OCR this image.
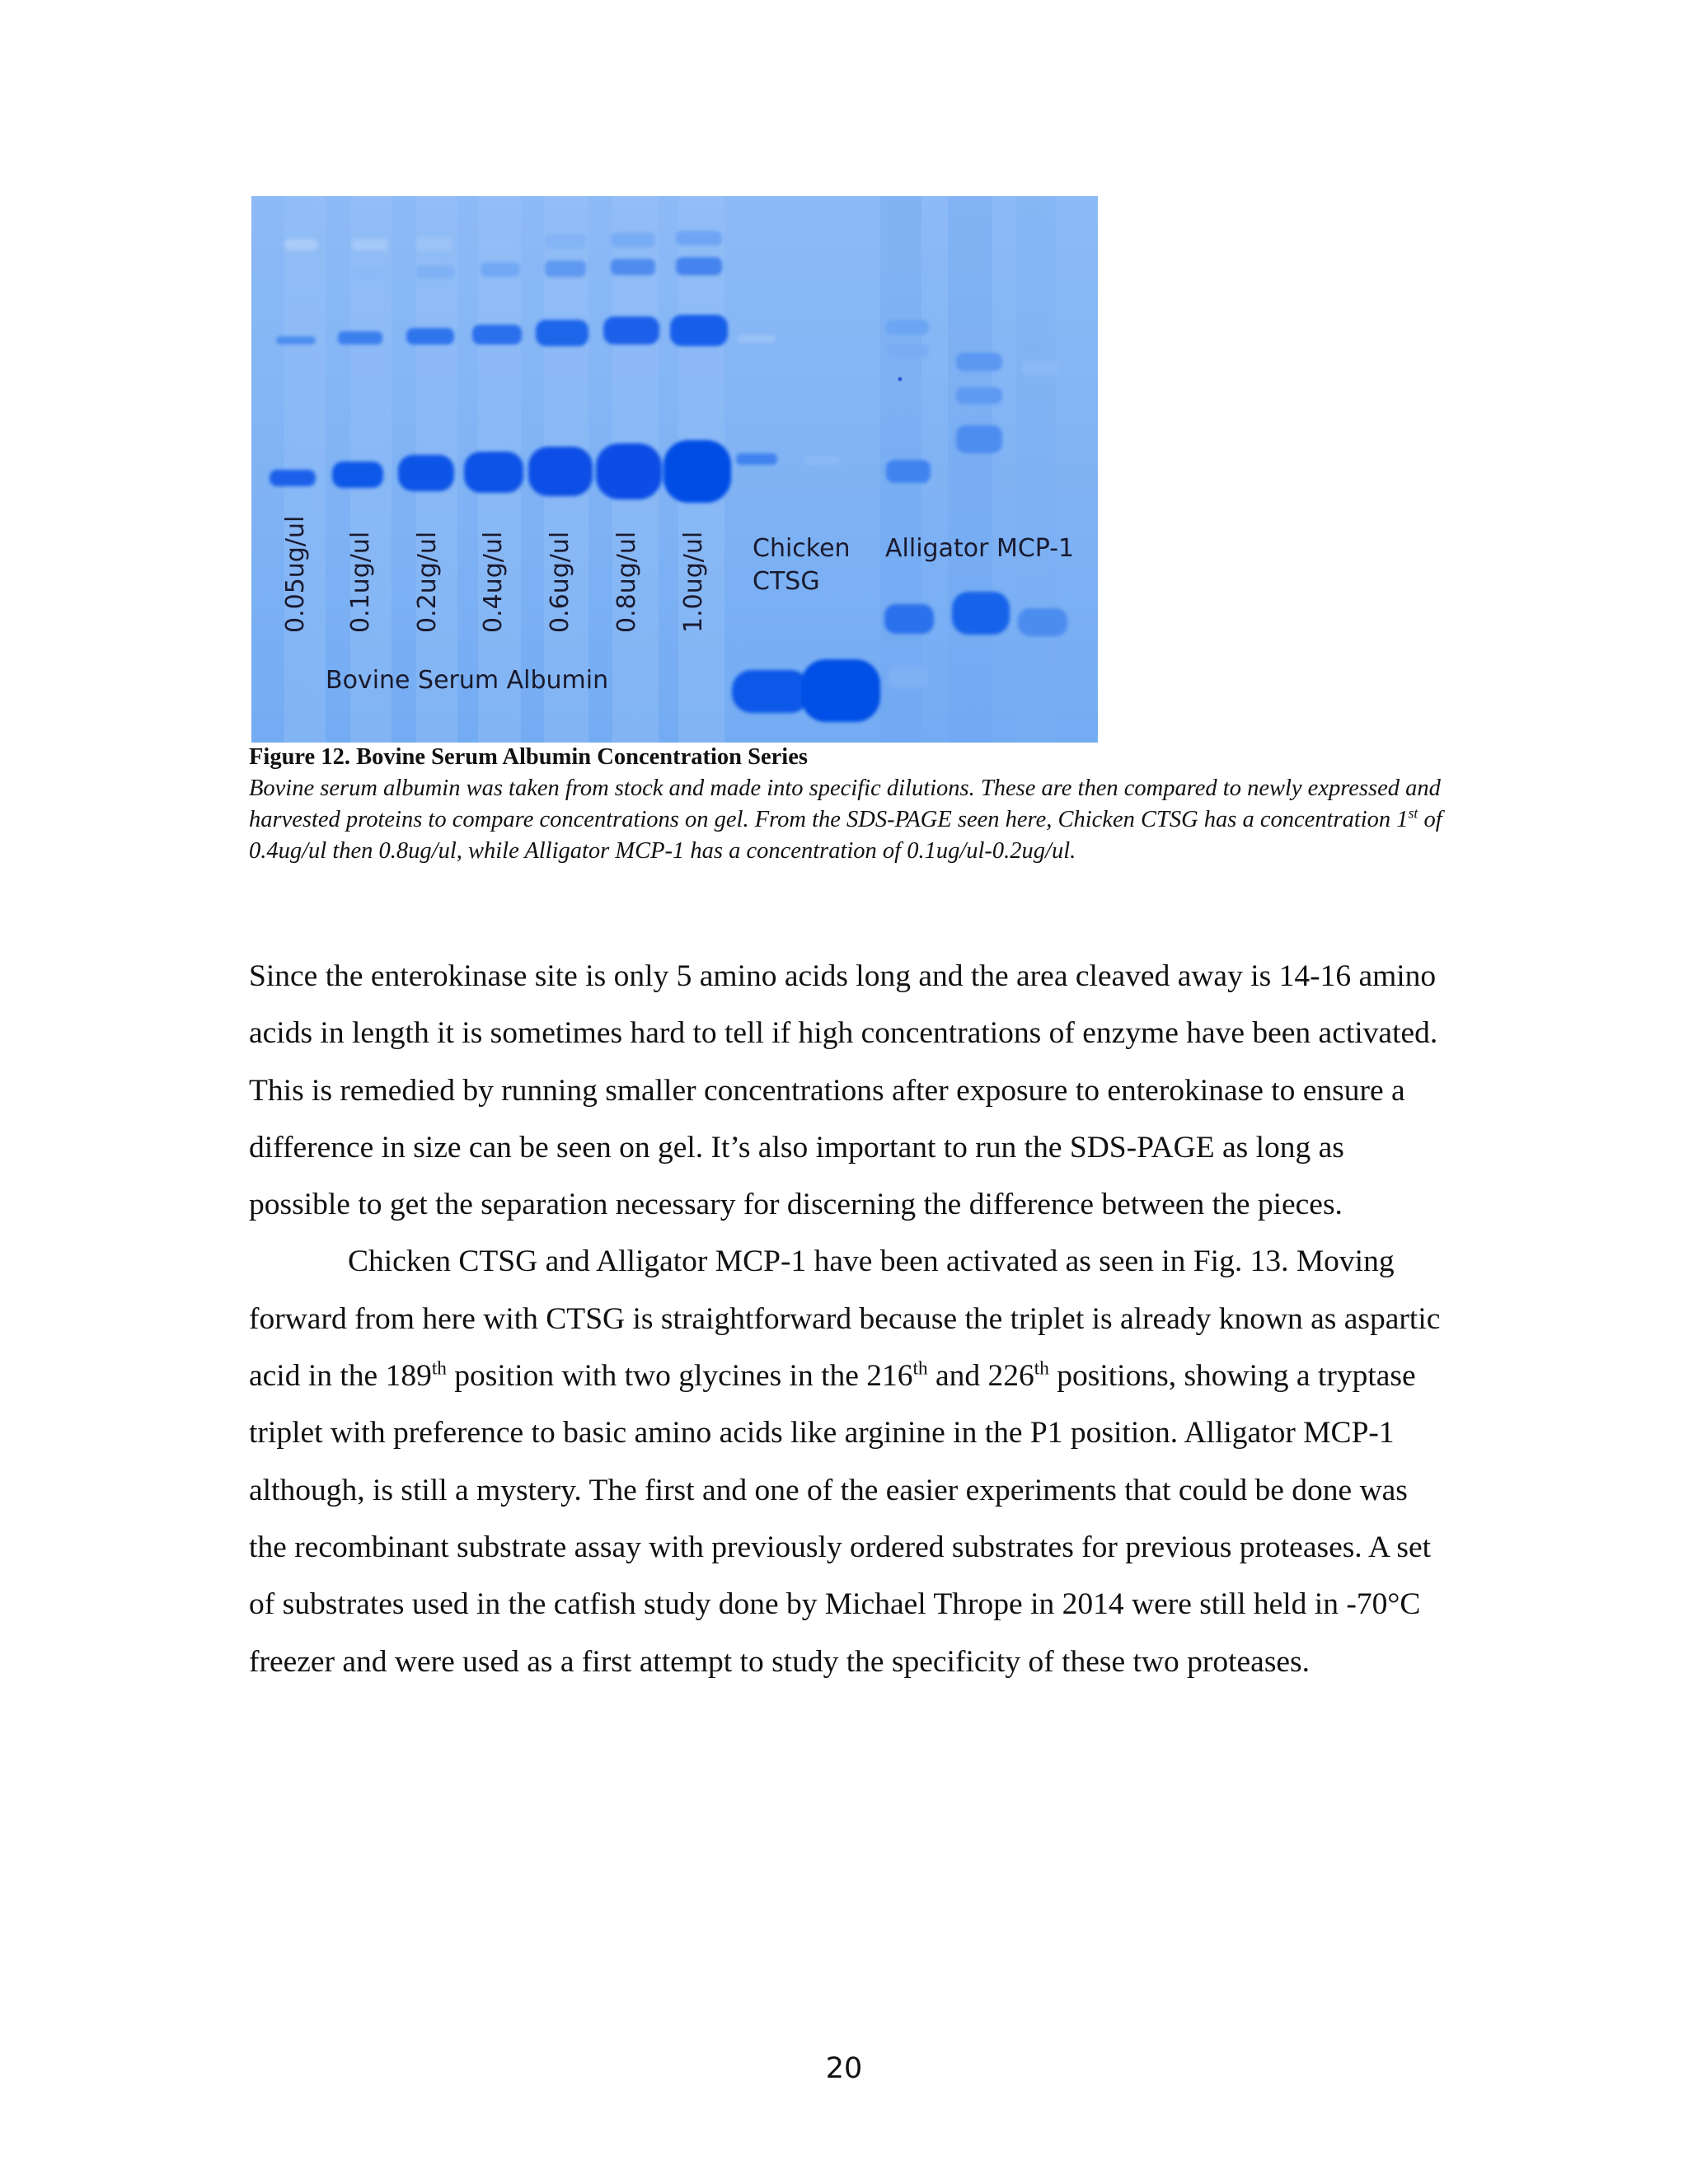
0.05ug/ul 0.1ug/ul 0.2ug/ul 0.4ug/ul 0.6ug/ul 0.8ug/ul 1.0ug/ul
Bovine Serum Albumin
Chicken
CTSG
Alligator MCP-1
Figure 12. Bovine Serum Albumin Concentration Series
Bovine serum albumin was taken from stock and made into specific dilutions. These are then compared to newly expressed and harvested proteins to compare concentrations on gel. From the SDS-PAGE seen here, Chicken CTSG has a concentration 1st of 0.4ug/ul then 0.8ug/ul, while Alligator MCP-1 has a concentration of 0.1ug/ul-0.2ug/ul.

Since the enterokinase site is only 5 amino acids long and the area cleaved away is 14-16 amino acids in length it is sometimes hard to tell if high concentrations of enzyme have been activated. This is remedied by running smaller concentrations after exposure to enterokinase to ensure a difference in size can be seen on gel. It’s also important to run the SDS-PAGE as long as possible to get the separation necessary for discerning the difference between the pieces.

Chicken CTSG and Alligator MCP-1 have been activated as seen in Fig. 13. Moving forward from here with CTSG is straightforward because the triplet is already known as aspartic acid in the 189th position with two glycines in the 216th and 226th positions, showing a tryptase triplet with preference to basic amino acids like arginine in the P1 position. Alligator MCP-1 although, is still a mystery. The first and one of the easier experiments that could be done was the recombinant substrate assay with previously ordered substrates for previous proteases. A set of substrates used in the catfish study done by Michael Thrope in 2014 were still held in -70°C freezer and were used as a first attempt to study the specificity of these two proteases.

20
